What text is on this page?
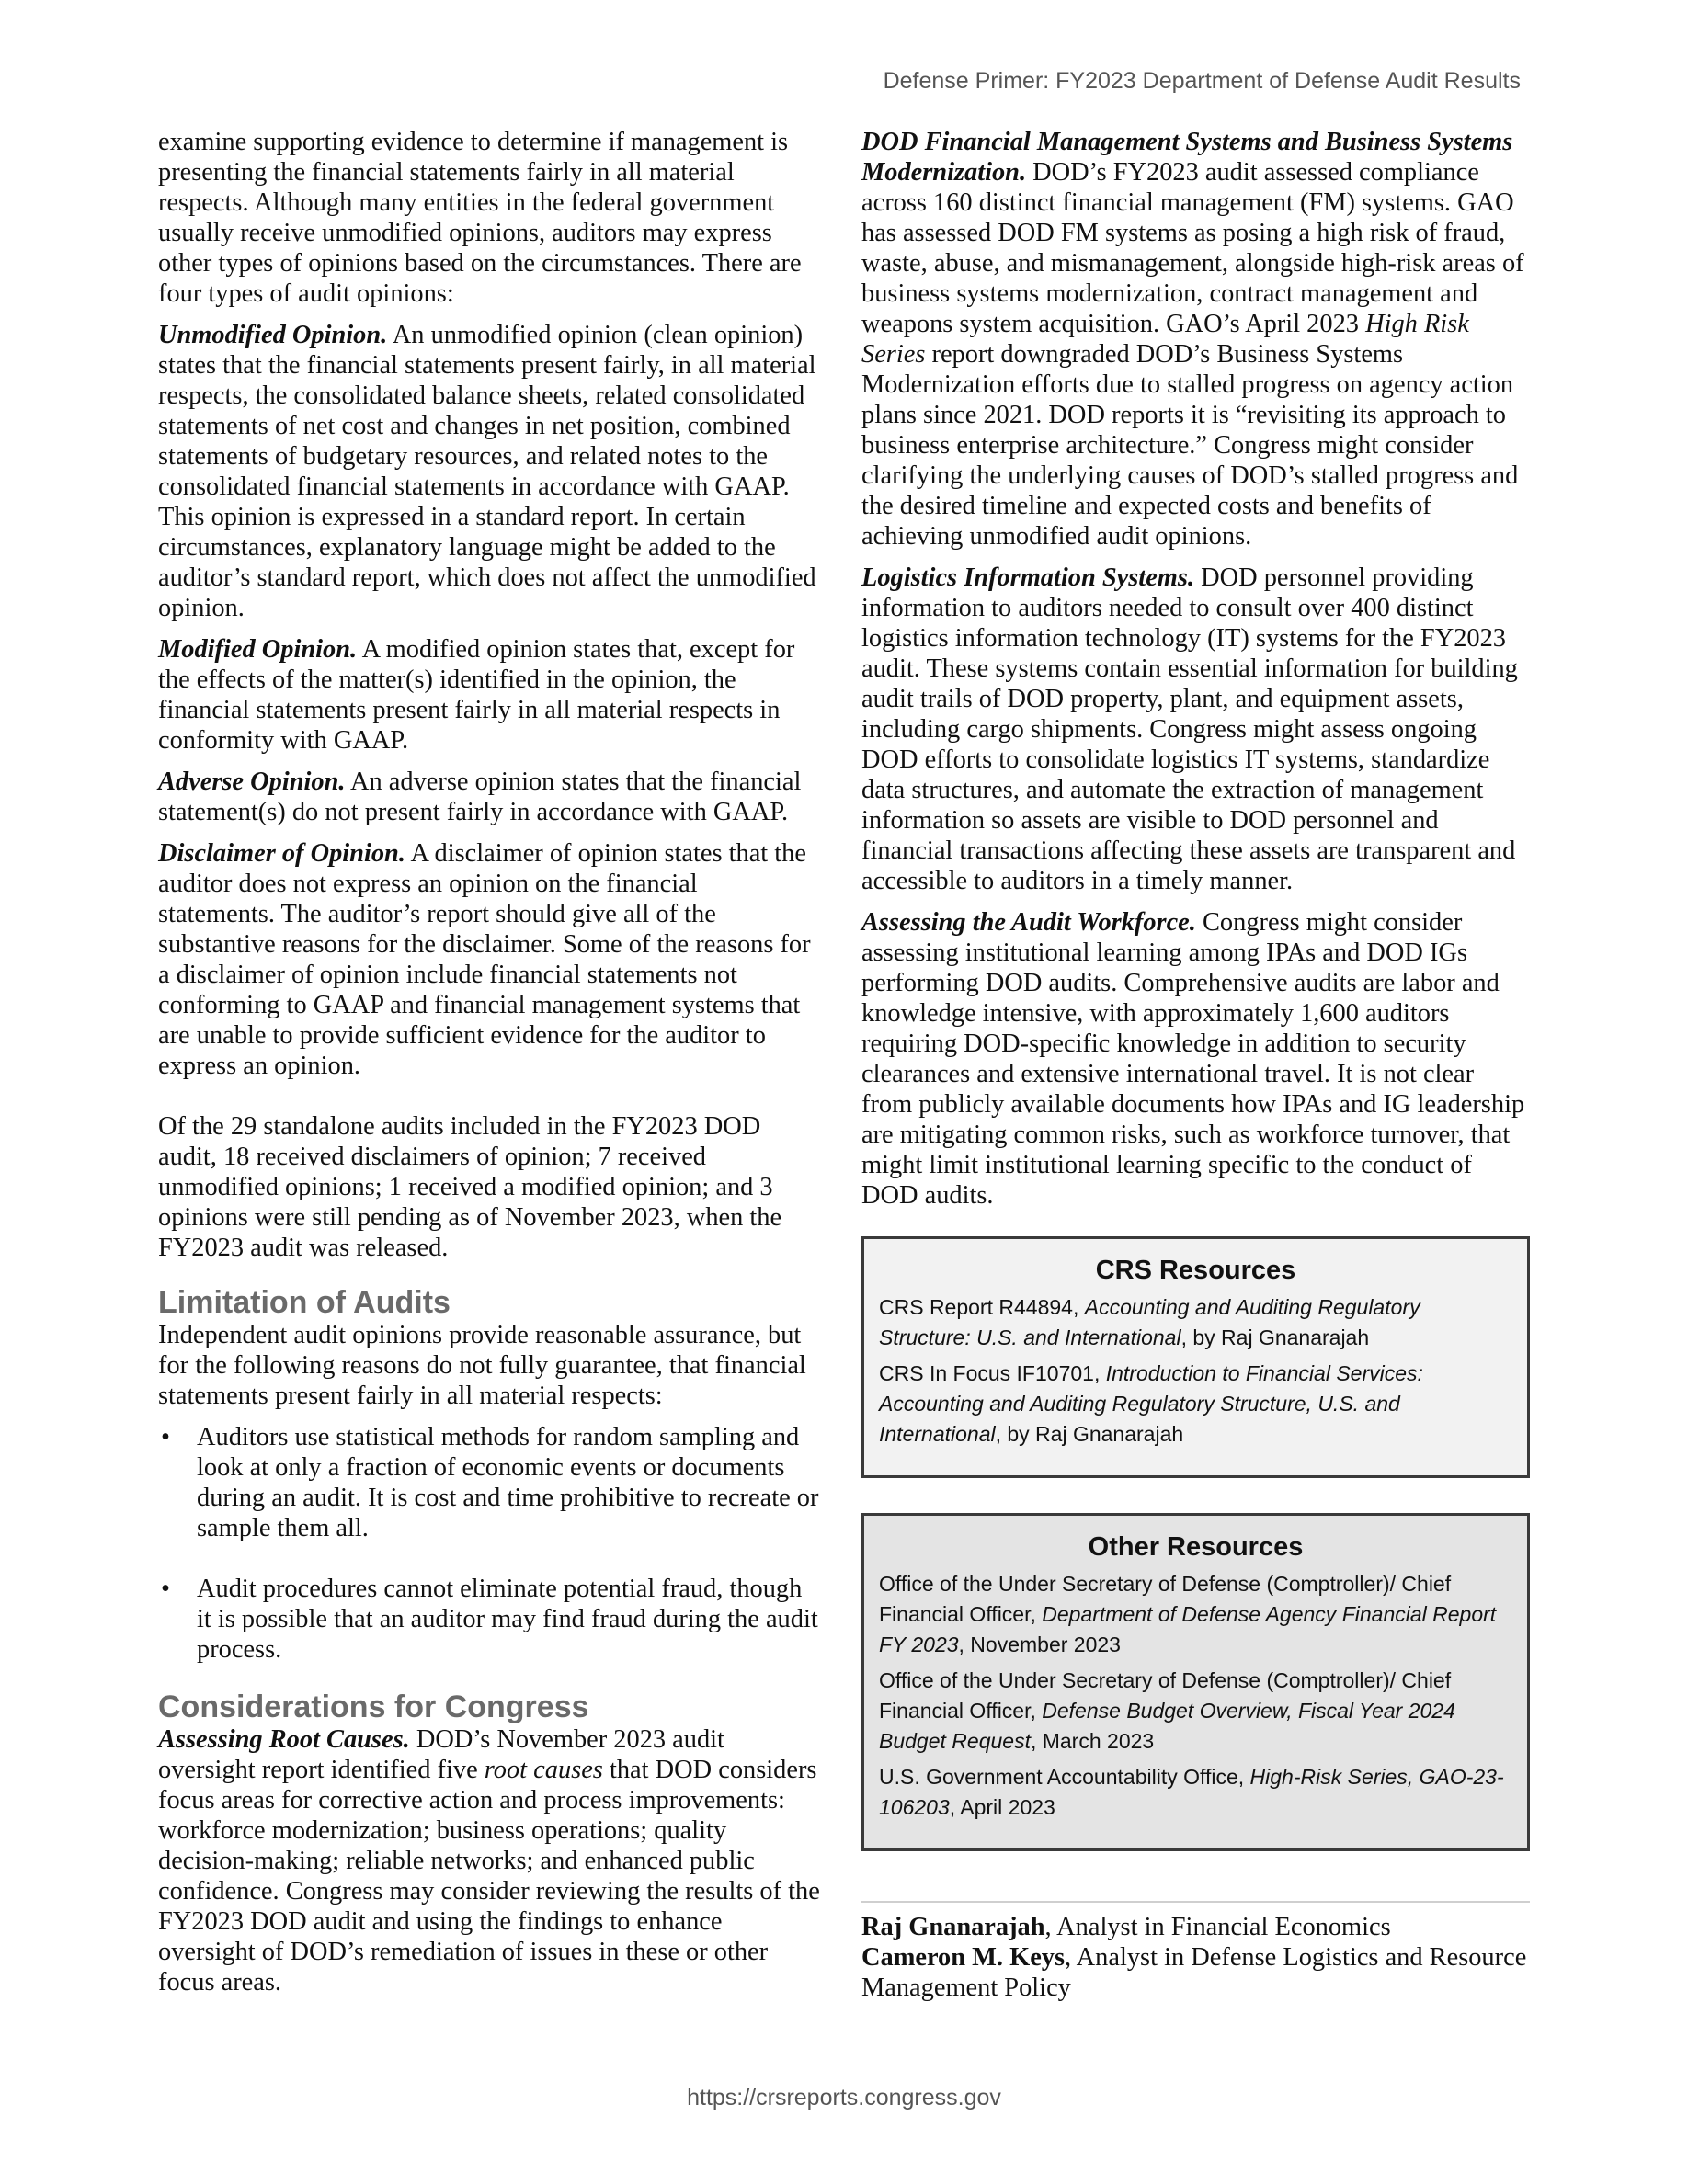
Defense Primer: FY2023 Department of Defense Audit Results

examine supporting evidence to determine if management is presenting the financial statements fairly in all material respects. Although many entities in the federal government usually receive unmodified opinions, auditors may express other types of opinions based on the circumstances. There are four types of audit opinions:

Unmodified Opinion. An unmodified opinion (clean opinion) states that the financial statements present fairly, in all material respects, the consolidated balance sheets, related consolidated statements of net cost and changes in net position, combined statements of budgetary resources, and related notes to the consolidated financial statements in accordance with GAAP. This opinion is expressed in a standard report. In certain circumstances, explanatory language might be added to the auditor’s standard report, which does not affect the unmodified opinion.

Modified Opinion. A modified opinion states that, except for the effects of the matter(s) identified in the opinion, the financial statements present fairly in all material respects in conformity with GAAP.

Adverse Opinion. An adverse opinion states that the financial statement(s) do not present fairly in accordance with GAAP.

Disclaimer of Opinion. A disclaimer of opinion states that the auditor does not express an opinion on the financial statements. The auditor’s report should give all of the substantive reasons for the disclaimer. Some of the reasons for a disclaimer of opinion include financial statements not conforming to GAAP and financial management systems that are unable to provide sufficient evidence for the auditor to express an opinion.

Of the 29 standalone audits included in the FY2023 DOD audit, 18 received disclaimers of opinion; 7 received unmodified opinions; 1 received a modified opinion; and 3 opinions were still pending as of November 2023, when the FY2023 audit was released.

Limitation of Audits

Independent audit opinions provide reasonable assurance, but for the following reasons do not fully guarantee, that financial statements present fairly in all material respects:

• Auditors use statistical methods for random sampling and look at only a fraction of economic events or documents during an audit. It is cost and time prohibitive to recreate or sample them all.
• Audit procedures cannot eliminate potential fraud, though it is possible that an auditor may find fraud during the audit process.
Considerations for Congress

Assessing Root Causes. DOD’s November 2023 audit oversight report identified five root causes that DOD considers focus areas for corrective action and process improvements: workforce modernization; business operations; quality decision-making; reliable networks; and enhanced public confidence. Congress may consider reviewing the results of the FY2023 DOD audit and using the findings to enhance oversight of DOD’s remediation of issues in these or other focus areas.

DOD Financial Management Systems and Business Systems Modernization. DOD’s FY2023 audit assessed compliance across 160 distinct financial management (FM) systems. GAO has assessed DOD FM systems as posing a high risk of fraud, waste, abuse, and mismanagement, alongside high-risk areas of business systems modernization, contract management and weapons system acquisition. GAO’s April 2023 High Risk Series report downgraded DOD’s Business Systems Modernization efforts due to stalled progress on agency action plans since 2021. DOD reports it is “revisiting its approach to business enterprise architecture.” Congress might consider clarifying the underlying causes of DOD’s stalled progress and the desired timeline and expected costs and benefits of achieving unmodified audit opinions.

Logistics Information Systems. DOD personnel providing information to auditors needed to consult over 400 distinct logistics information technology (IT) systems for the FY2023 audit. These systems contain essential information for building audit trails of DOD property, plant, and equipment assets, including cargo shipments. Congress might assess ongoing DOD efforts to consolidate logistics IT systems, standardize data structures, and automate the extraction of management information so assets are visible to DOD personnel and financial transactions affecting these assets are transparent and accessible to auditors in a timely manner.

Assessing the Audit Workforce. Congress might consider assessing institutional learning among IPAs and DOD IGs performing DOD audits. Comprehensive audits are labor and knowledge intensive, with approximately 1,600 auditors requiring DOD-specific knowledge in addition to security clearances and extensive international travel. It is not clear from publicly available documents how IPAs and IG leadership are mitigating common risks, such as workforce turnover, that might limit institutional learning specific to the conduct of DOD audits.

CRS Resources

CRS Report R44894, Accounting and Auditing Regulatory Structure: U.S. and International, by Raj Gnanarajah

CRS In Focus IF10701, Introduction to Financial Services: Accounting and Auditing Regulatory Structure, U.S. and International, by Raj Gnanarajah

Other Resources

Office of the Under Secretary of Defense (Comptroller)/ Chief Financial Officer, Department of Defense Agency Financial Report FY 2023, November 2023

Office of the Under Secretary of Defense (Comptroller)/ Chief Financial Officer, Defense Budget Overview, Fiscal Year 2024 Budget Request, March 2023

U.S. Government Accountability Office, High-Risk Series, GAO-23-106203, April 2023

Raj Gnanarajah, Analyst in Financial Economics

Cameron M. Keys, Analyst in Defense Logistics and Resource Management Policy

https://crsreports.congress.gov
